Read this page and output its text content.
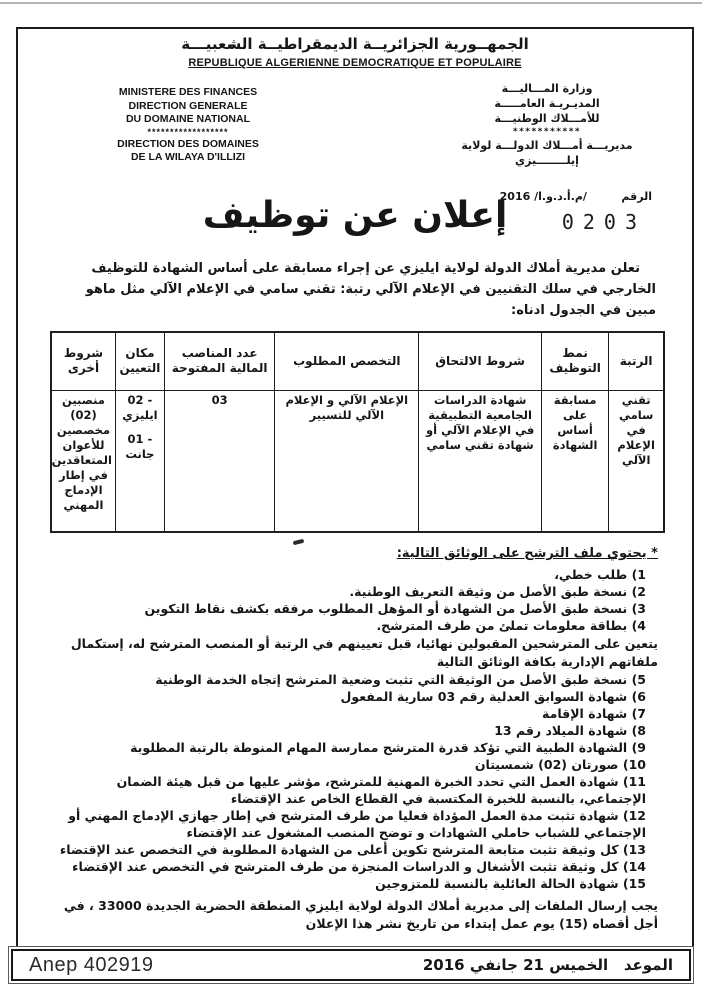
الجمهــورية الجزائريــة الديمقراطيــة الشعبيـــة
REPUBLIQUE ALGERIENNE DEMOCRATIQUE ET POPULAIRE
MINISTERE DES FINANCES
DIRECTION GENERALE
DU DOMAINE NATIONAL
******************
DIRECTION DES DOMAINES
DE LA WILAYA D'ILLIZI
وزارة المـــاليـــة
المديـريـة العامـــــة
للأمـــلاك الوطنيـــة
***********
مديريـــة أمـــلاك الدولـــة لولاية
إيلــــــــيزي
الرقم         /م.أ.د.و.ا/ 2016
0203
إعلان عن توظيف

تعلن مديرية أملاك الدولة لولاية ايليزي عن إجراء مسابقة على أساس الشهادة للتوظيف الخارجي في سلك التقنيين في الإعلام الآلي رتبة: تقني سامي في الإعلام الآلي مثل ماهو مبين في الجدول ادناه:

الرتبة	نمط التوظيف	شروط الالتحاق	التخصص المطلوب	عدد المناصب المالية المفتوحة	مكان التعيين	شروط أخرى
تقني سامي في الإعلام الآلي	مسابقة على أساس الشهادة	شهادة الدراسات الجامعية التطبيقية في الإعلام الآلي أو شهادة تقني سامي	الإعلام الآلي و الإعلام الآلي للتسيير	03	- 02 ايليزي
- 01 جانت	منصبين (02) مخصصين للأعوان المتعاقدين في إطار الإدماج المهني
* يحتوي ملف الترشح على الوثائق التالية:
1) طلب خطي،
2) نسخة طبق الأصل من وثيقة التعريف الوطنية.
3) نسخة طبق الأصل من الشهادة أو المؤهل المطلوب مرفقه بكشف نقاط التكوين
4) بطاقة معلومات تملئ من طرف المترشح.
يتعين على المترشحين المقبولين نهائيا، قبل تعيينهم في الرتبة أو المنصب المترشح له، إستكمال ملفاتهم الإدارية بكافة الوثائق التالية
5) نسخة طبق الأصل من الوثيقة التي تثبت وضعية المترشح إتجاه الخدمة الوطنية
6) شهادة السوابق العدلية رقم 03 سارية المفعول
7) شهادة الإقامة
8) شهادة الميلاد رقم 13
9) الشهادة الطبية التي تؤكد قدرة المترشح ممارسة المهام المنوطة بالرتبة المطلوبة
10) صورتان (02) شمسيتان
11) شهادة العمل التي تحدد الخبرة المهنية للمترشح، مؤشر عليها من قبل هيئة الضمان الإجتماعي، بالنسبة للخبرة المكتسبة في القطاع الخاص عند الإقتضاء
12) شهادة تثبت مدة العمل المؤداة فعليا من طرف المترشح في إطار جهازي الإدماج المهني أو الإجتماعي للشباب حاملي الشهادات و توضح المنصب المشغول عند الإقتضاء
13) كل وثيقة تثبت متابعة المترشح تكوين أعلى من الشهادة المطلوبة في التخصص عند الإقتضاء
14) كل وثيقة تثبت الأشغال و الدراسات المنجزة من طرف المترشح في التخصص عند الإقتضاء
15) شهادة الحالة العائلية بالنسبة للمتزوجين

يجب إرسال الملفات إلى مديرية أملاك الدولة لولاية ايليزي المنطقة الحضرية الجديدة 33000 ، في أجل أقصاه (15) يوم عمل إبتداء من تاريخ نشر هذا الإعلان

Anep 402919	الموعد   الخميس 21 جانفي 2016
